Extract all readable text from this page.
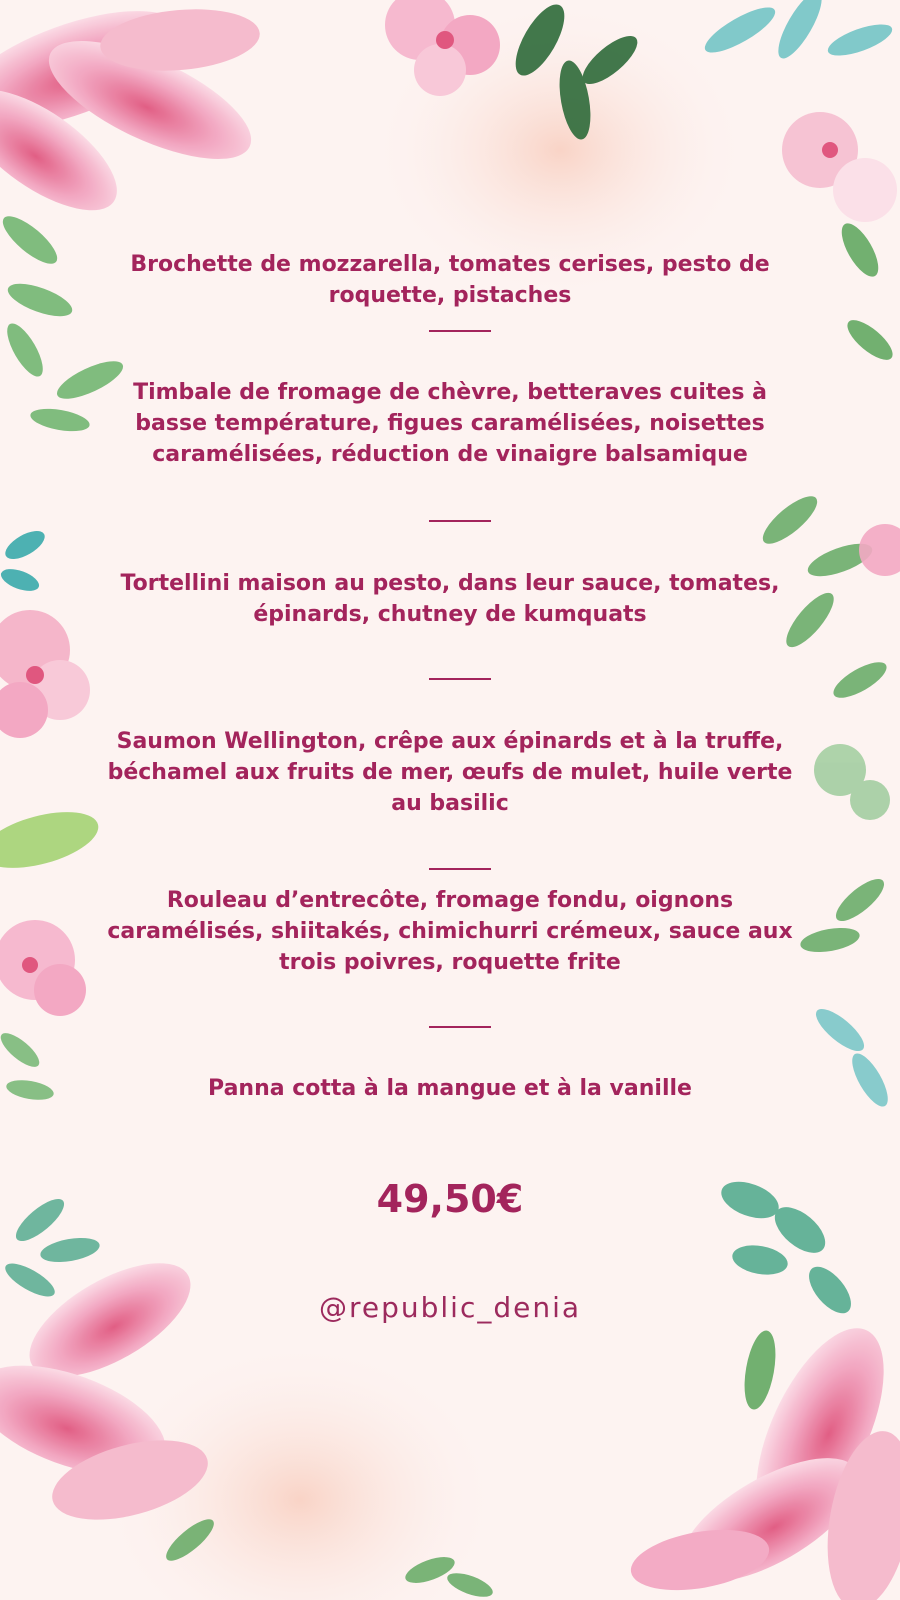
Brochette de mozzarella, tomates cerises, pesto de roquette, pistaches

Timbale de fromage de chèvre, betteraves cuites à basse température, figues caramélisées, noisettes caramélisées, réduction de vinaigre balsamique

Tortellini maison au pesto, dans leur sauce, tomates, épinards, chutney de kumquats

Saumon Wellington, crêpe aux épinards et à la truffe, béchamel aux fruits de mer, œufs de mulet, huile verte au basilic

Rouleau d’entrecôte, fromage fondu, oignons caramélisés, shiitakés, chimichurri crémeux, sauce aux trois poivres, roquette frite

Panna cotta à la mangue et à la vanille

49,50€
@republic_denia
